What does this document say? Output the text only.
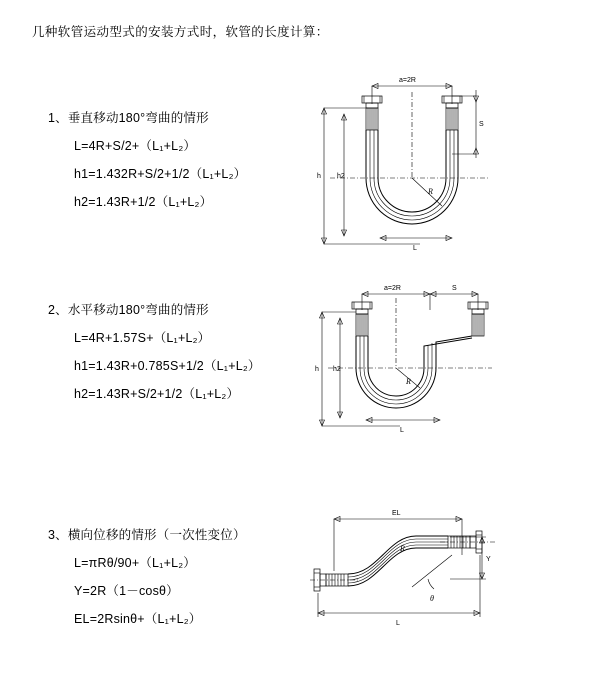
几种软管运动型式的安装方式时，软管的长度计算：
1、垂直移动180°弯曲的情形
L=4R+S/2+（L₁+L₂）
h1=1.432R+S/2+1/2（L₁+L₂）
h2=1.43R+1/2（L₁+L₂）
a=2R
S
h h2
R
L
2、水平移动180°弯曲的情形
L=4R+1.57S+（L₁+L₂）
h1=1.43R+0.785S+1/2（L₁+L₂）
h2=1.43R+S/2+1/2（L₁+L₂）
a=2R	S
h h2
R
L
3、横向位移的情形（一次性变位）
L=πRθ/90+（L₁+L₂）
Y=2R（1－cosθ）
EL=2Rsinθ+（L₁+L₂）
EL
Y
θ
R
L
